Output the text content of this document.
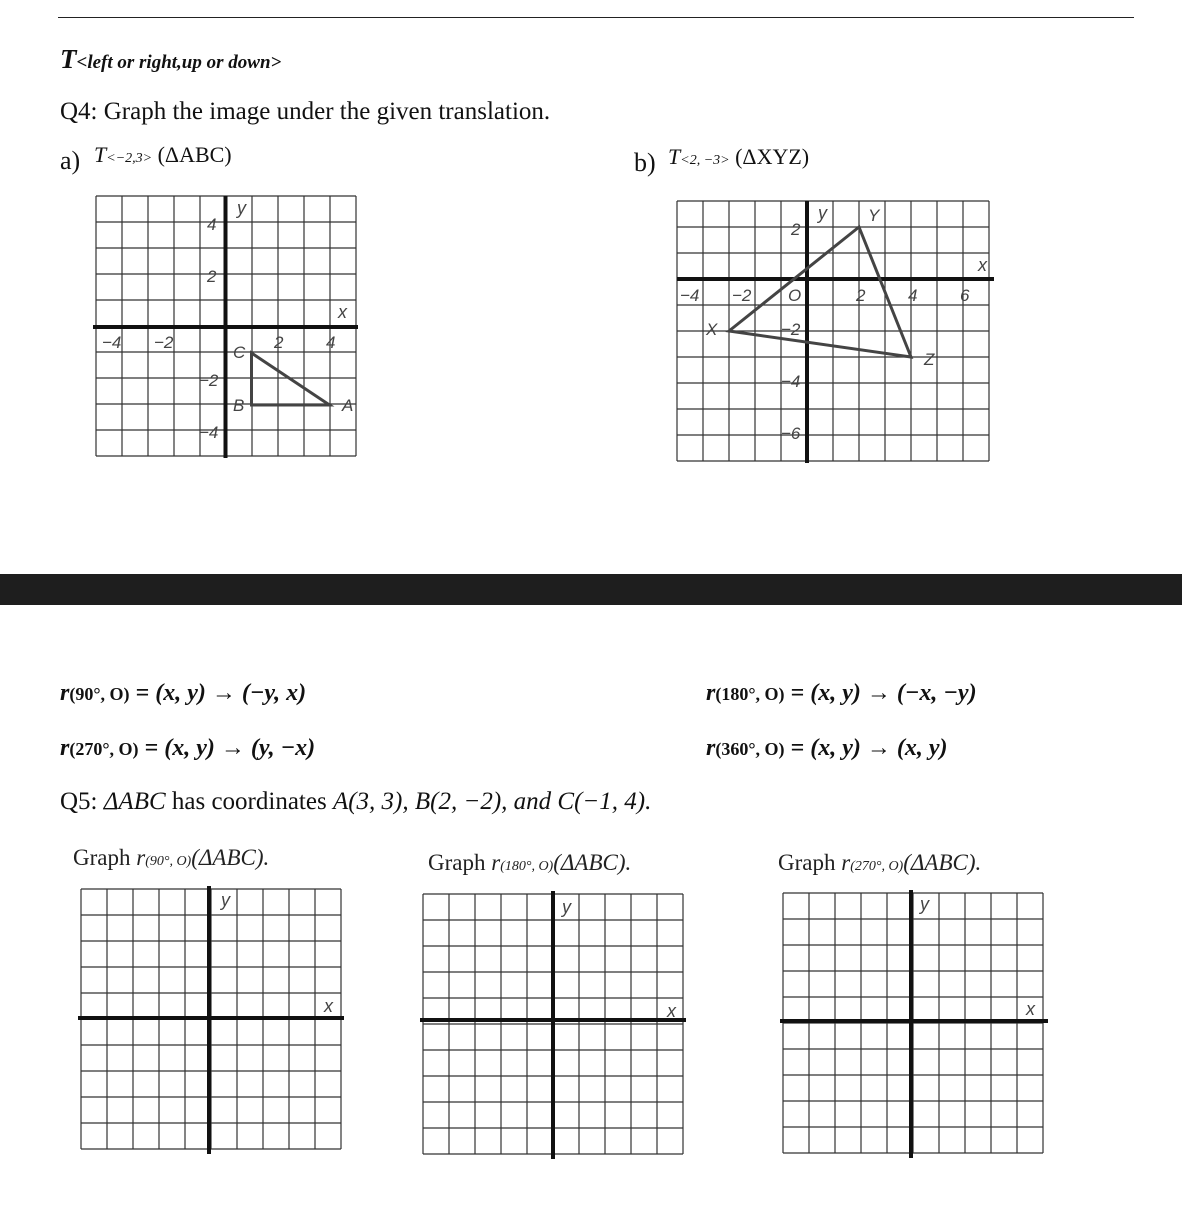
T<left or right,up or down>
Q4: Graph the image under the given translation.
a) T<−2,3> (ΔABC)
y
x
−4 −2	2	4
4
2
−2
−4
C
B	A
b) T<2, −3> (ΔXYZ)
y
x
−4 −2 O	2	4	6
2
−2
−4
−6
X
Y
Z
r(90°, O) = (x, y) → (−y, x)	r(180°, O) = (x, y) → (−x, −y)
r(270°, O) = (x, y) → (y, −x)	r(360°, O) = (x, y) → (x, y)
Q5: ΔABC has coordinates A(3, 3), B(2, −2), and C(−1, 4).
Graph r(90°, O)(ΔABC).	Graph r(180°, O)(ΔABC).	Graph r(270°, O)(ΔABC).
y
x
y
x
y
x
